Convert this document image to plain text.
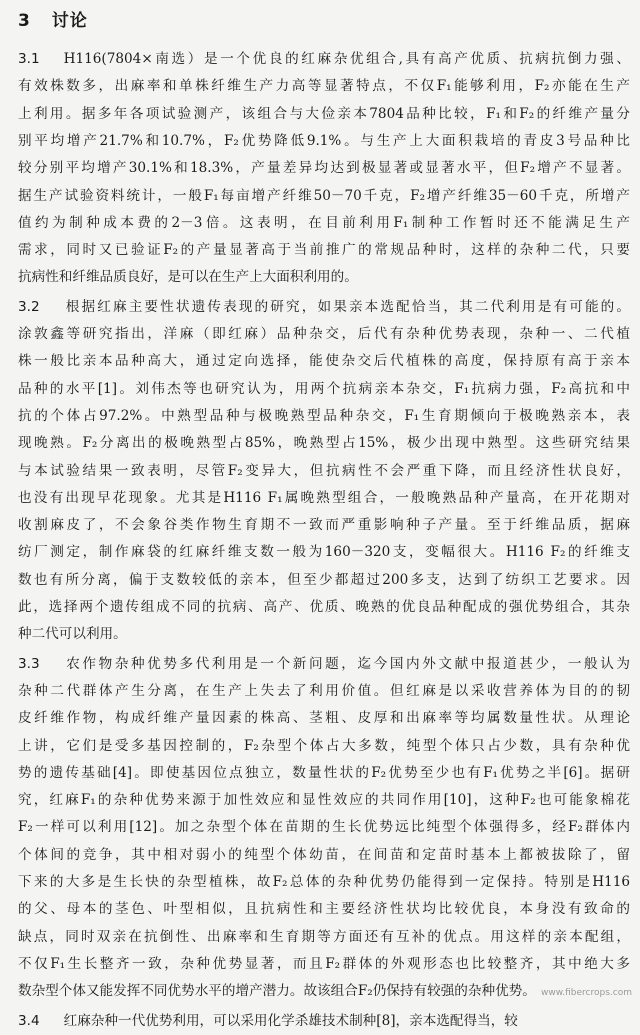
3 讨论
3.1 H116(7804×南选）是一个优良的红麻杂优组合,具有高产优质、抗病抗倒力强、
有效株数多，出麻率和单株纤维生产力高等显著特点，不仅F₁能够利用，F₂亦能在生产
上利用。据多年各项试验测产，该组合与大俭亲本7804品种比较，F₁和F₂的纤维产量分
别平均增产21.7%和10.7%，F₂优势降低9.1%。与生产上大面积栽培的青皮3号品种比
较分别平均增产30.1%和18.3%，产量差异均达到极显著或显著水平，但F₂增产不显著。
据生产试验资料统计，一般F₁每亩增产纤维50－70千克，F₂增产纤维35－60千克，所增产
值约为制种成本费的2－3倍。这表明，在目前利用F₁制种工作暂时还不能满足生产
需求，同时又已验证F₂的产量显著高于当前推广的常规品种时，这样的杂种二代，只要
抗病性和纤维品质良好，是可以在生产上大面积利用的。
3.2 根据红麻主要性状遗传表现的研究，如果亲本选配恰当，其二代利用是有可能的。
涂敦鑫等研究指出，洋麻（即红麻）品种杂交，后代有杂种优势表现，杂种一、二代植
株一般比亲本品种高大，通过定向选择，能使杂交后代植株的高度，保持原有高于亲本
品种的水平[1]。刘伟杰等也研究认为，用两个抗病亲本杂交，F₁抗病力强，F₂高抗和中
抗的个体占97.2%。中熟型品种与极晚熟型品种杂交，F₁生育期倾向于极晚熟亲本，表
现晚熟。F₂分离出的极晚熟型占85%，晚熟型占15%，极少出现中熟型。这些研究结果
与本试验结果一致表明，尽管F₂变异大，但抗病性不会严重下降，而且经济性状良好，
也没有出现早花现象。尤其是H116 F₁属晚熟型组合，一般晚熟品种产量高，在开花期对
收割麻皮了，不会象谷类作物生育期不一致而严重影响种子产量。至于纤维品质，据麻
纺厂测定，制作麻袋的红麻纤维支数一般为160－320支，变幅很大。H116 F₂的纤维支
数也有所分离，偏于支数较低的亲本，但至少都超过200多支，达到了纺织工艺要求。因
此，选择两个遗传组成不同的抗病、高产、优质、晚熟的优良品种配成的强优势组合，其杂
种二代可以利用。
3.3 农作物杂种优势多代利用是一个新问题，迄今国内外文献中报道甚少，一般认为
杂种二代群体产生分离，在生产上失去了利用价值。但红麻是以采收营养体为目的的韧
皮纤维作物，构成纤维产量因素的株高、茎粗、皮厚和出麻率等均属数量性状。从理论
上讲，它们是受多基因控制的，F₂杂型个体占大多数，纯型个体只占少数，具有杂种优
势的遗传基础[4]。即使基因位点独立，数量性状的F₂优势至少也有F₁优势之半[6]。据研
究，红麻F₁的杂种优势来源于加性效应和显性效应的共同作用[10]，这种F₂也可能象棉花
F₂一样可以利用[12]。加之杂型个体在苗期的生长优势远比纯型个体强得多，经F₂群体内
个体间的竞争，其中相对弱小的纯型个体幼苗，在间苗和定苗时基本上都被拔除了，留
下来的大多是生长快的杂型植株，故F₂总体的杂种优势仍能得到一定保持。特别是H116
的父、母本的茎色、叶型相似，且抗病性和主要经济性状均比较优良，本身没有致命的
缺点，同时双亲在抗倒性、出麻率和生育期等方面还有互补的优点。用这样的亲本配组，
不仅F₁生长整齐一致，杂种优势显著，而且F₂群体的外观形态也比较整齐，其中绝大多
数杂型个体又能发挥不同优势水平的增产潜力。故该组合F₂仍保持有较强的杂种优势。
3.4 红麻杂种一代优势利用，可以采用化学杀雄技术制种[8]，亲本选配得当，较
www.fibercrops.com
